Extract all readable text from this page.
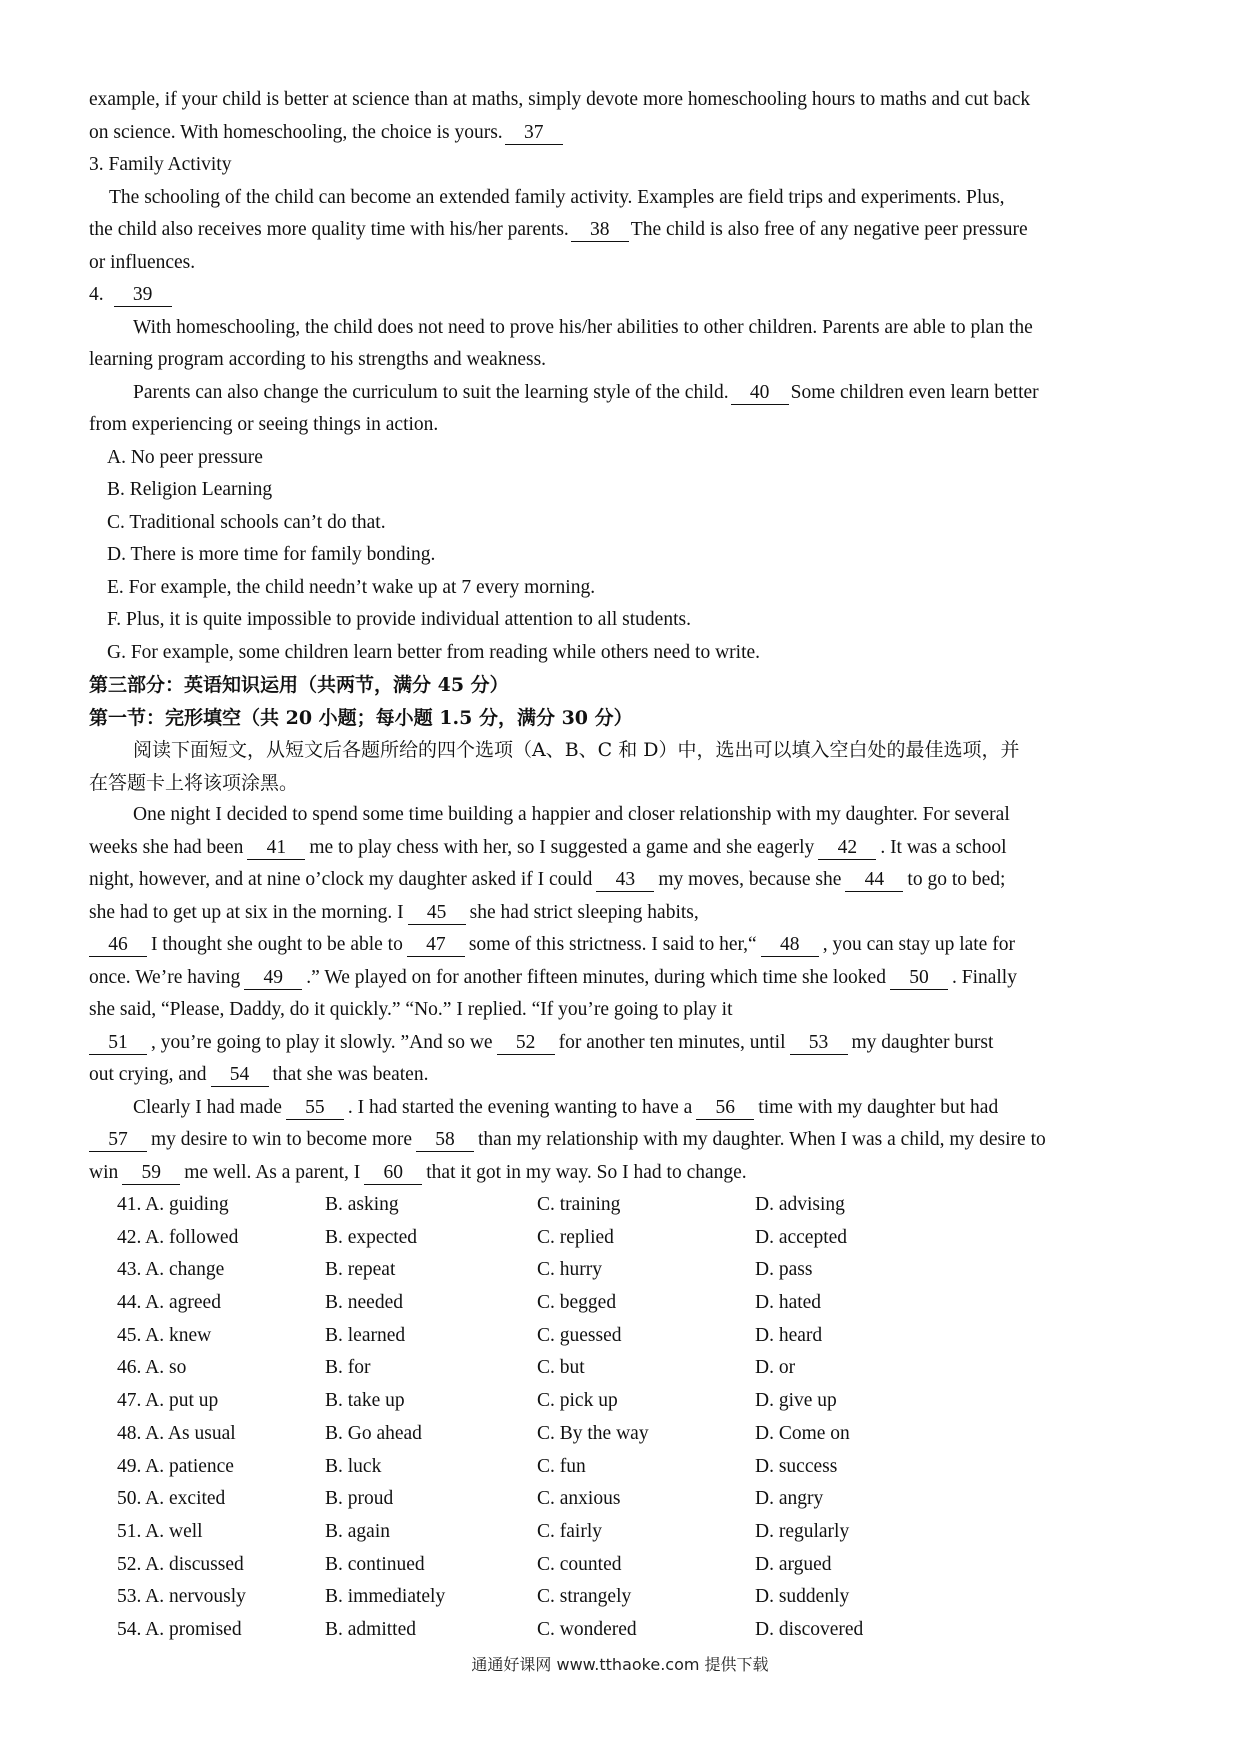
example, if your child is better at science than at maths, simply devote more homeschooling hours to maths and cut back
on science. With homeschooling, the choice is yours. 37
3. Family Activity
The schooling of the child can become an extended family activity. Examples are field trips and experiments. Plus,
the child also receives more quality time with his/her parents. 38 The child is also free of any negative peer pressure
or influences.
4. 39
With homeschooling, the child does not need to prove his/her abilities to other children. Parents are able to plan the
learning program according to his strengths and weakness.
Parents can also change the curriculum to suit the learning style of the child. 40 Some children even learn better
from experiencing or seeing things in action.
A. No peer pressure
B. Religion Learning
C. Traditional schools can’t do that.
D. There is more time for family bonding.
E. For example, the child needn’t wake up at 7 every morning.
F. Plus, it is quite impossible to provide individual attention to all students.
G. For example, some children learn better from reading while others need to write.
第三部分：英语知识运用（共两节，满分 45 分）
第一节：完形填空（共 20 小题；每小题 1.5 分，满分 30 分）
阅读下面短文，从短文后各题所给的四个选项（A、B、C 和 D）中，选出可以填入空白处的最佳选项，并
在答题卡上将该项涂黑。
One night I decided to spend some time building a happier and closer relationship with my daughter. For several
weeks she had been 41 me to play chess with her, so I suggested a game and she eagerly 42 . It was a school
night, however, and at nine o’clock my daughter asked if I could 43 my moves, because she 44 to go to bed;
she had to get up at six in the morning. I 45 she had strict sleeping habits,
46 I thought she ought to be able to 47 some of this strictness. I said to her,“ 48 , you can stay up late for
once. We’re having 49 .” We played on for another fifteen minutes, during which time she looked 50 . Finally
she said, “Please, Daddy, do it quickly.” “No.” I replied. “If you’re going to play it
51 , you’re going to play it slowly. ”And so we 52 for another ten minutes, until 53 my daughter burst
out crying, and 54 that she was beaten.
Clearly I had made 55 . I had started the evening wanting to have a 56 time with my daughter but had
57 my desire to win to become more 58 than my relationship with my daughter. When I was a child, my desire to
win 59 me well. As a parent, I 60 that it got in my way. So I had to change.
41. A. guiding	B. asking	C. training	D. advising
42. A. followed	B. expected	C. replied	D. accepted
43. A. change	B. repeat	C. hurry	D. pass
44. A. agreed	B. needed	C. begged	D. hated
45. A. knew	B. learned	C. guessed	D. heard
46. A. so	B. for	C. but	D. or
47. A. put up	B. take up	C. pick up	D. give up
48. A. As usual	B. Go ahead	C. By the way	D. Come on
49. A. patience	B. luck	C. fun	D. success
50. A. excited	B. proud	C. anxious	D. angry
51. A. well	B. again	C. fairly	D. regularly
52. A. discussed	B. continued	C. counted	D. argued
53. A. nervously	B. immediately	C. strangely	D. suddenly
54. A. promised	B. admitted	C. wondered	D. discovered
通通好课网 www.tthaoke.com 提供下载
